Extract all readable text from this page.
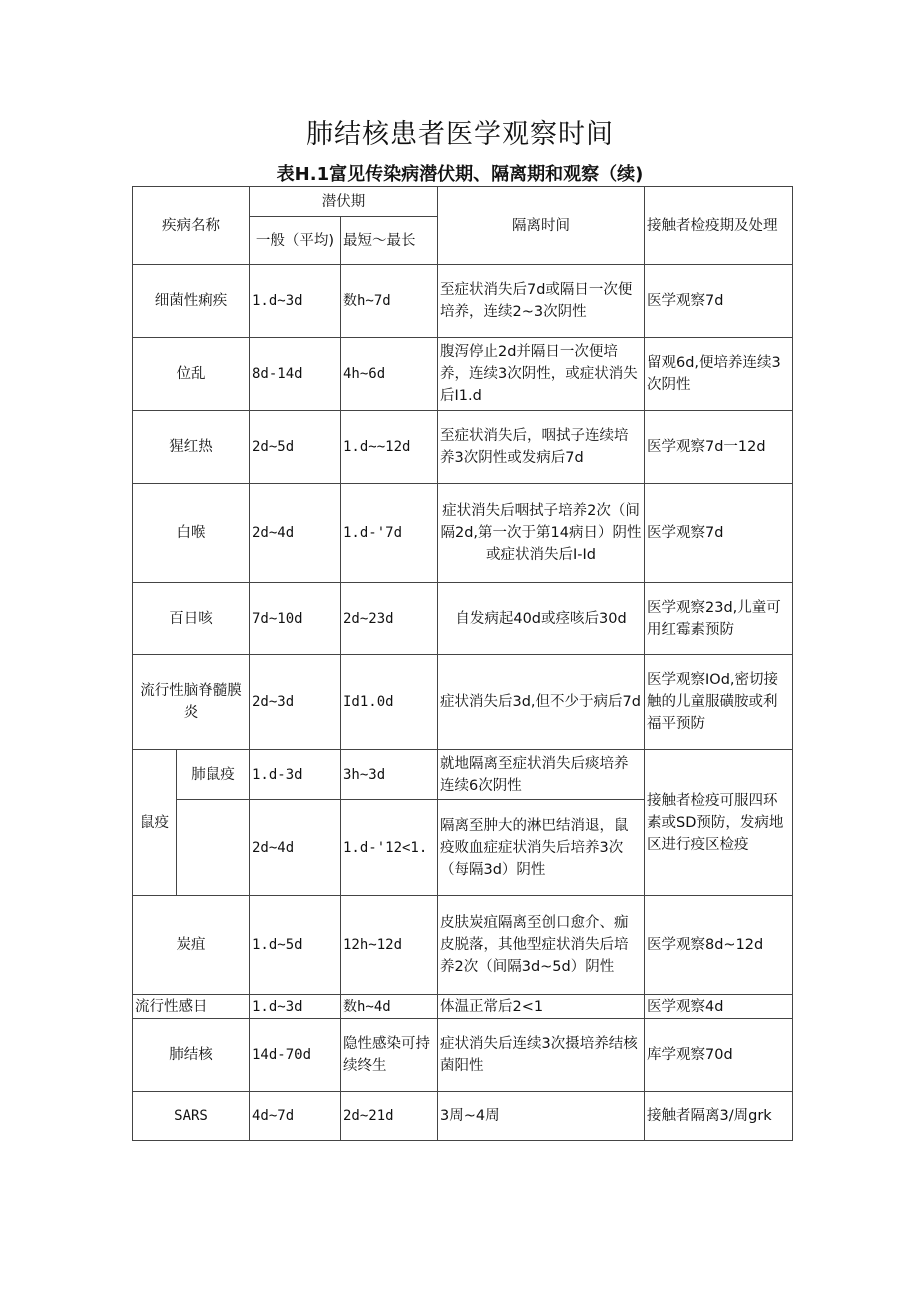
肺结核患者医学观察时间
表H.1富见传染病潜伏期、隔离期和观察（续)
疾病名称		潜伏期		隔离时间	接触者检疫期及处理
		一般（平均)	最短～最长		
细菌性痢疾		1.d~3d	数h~7d	至症状消失后7d或隔日一次便培养，连续2~3次阴性	医学观察7d
位乱		8d-14d	4h~6d	腹泻停止2d并隔日一次便培养，连续3次阴性，或症状消失后I1.d	留观6d,便培养连续3次阴性
猩红热		2d~5d	1.d~~12d	至症状消失后，咽拭子连续培养3次阴性或发病后7d	医学观察7d一12d
白喉		2d~4d	1.d-'7d	症状消失后咽拭子培养2次（间隔2d,第一次于第14病日）阴性或症状消失后I-Id	医学观察7d
百日咳		7d~10d	2d~23d	自发病起40d或痉咳后30d	医学观察23d,儿童可用红霉素预防
流行性脑脊髓膜炎		2d~3d	Id1.0d	症状消失后3d,但不少于病后7d	医学观察IOd,密切接触的儿童服磺胺或利福平预防
鼠疫	肺鼠疫	1.d-3d	3h~3d	就地隔离至症状消失后痰培养连续6次阴性	接触者检疫可服四环素或SD预防，发病地区进行疫区检疫
		2d~4d	1.d-'12<1.	隔离至肿大的淋巴结消退，鼠疫败血症症状消失后培养3次（每隔3d）阴性	
炭疽		1.d~5d	12h~12d	皮肤炭疽隔离至创口愈介、痂皮脱落，其他型症状消失后培养2次（间隔3d~5d）阴性	医学观察8d~12d
流行性感日		1.d~3d	数h~4d	体温正常后2<1	医学观察4d
肺结核		14d-70d	隐性感染可持续终生	症状消失后连续3次摄培养结核菌阳性	库学观察70d
SARS		4d~7d	2d~21d	3周~4周	接触者隔离3/周grk
